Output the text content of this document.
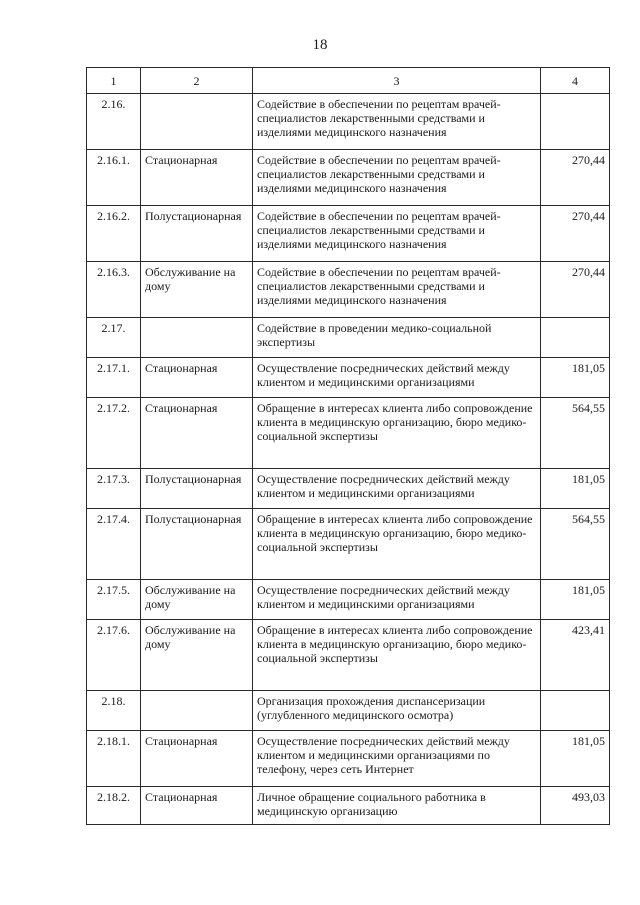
18
1	2	3	4
2.16.		Содействие в обеспечении по рецептам врачей-специалистов лекарственными средствами и изделиями медицинского назначения	
2.16.1.	Стационарная	Содействие в обеспечении по рецептам врачей-специалистов лекарственными средствами и изделиями медицинского назначения	270,44
2.16.2.	Полустационарная	Содействие в обеспечении по рецептам врачей-специалистов лекарственными средствами и изделиями медицинского назначения	270,44
2.16.3.	Обслуживание на дому	Содействие в обеспечении по рецептам врачей-специалистов лекарственными средствами и изделиями медицинского назначения	270,44
2.17.		Содействие в проведении медико-социальной экспертизы	
2.17.1.	Стационарная	Осуществление посреднических действий между клиентом и медицинскими организациями	181,05
2.17.2.	Стационарная	Обращение в интересах клиента либо сопровождение клиента в медицинскую организацию, бюро медико-социальной экспертизы	564,55
2.17.3.	Полустационарная	Осуществление посреднических действий между клиентом и медицинскими организациями	181,05
2.17.4.	Полустационарная	Обращение в интересах клиента либо сопровождение клиента в медицинскую организацию, бюро медико-социальной экспертизы	564,55
2.17.5.	Обслуживание на дому	Осуществление посреднических действий между клиентом и медицинскими организациями	181,05
2.17.6.	Обслуживание на дому	Обращение в интересах клиента либо сопровождение клиента в медицинскую организацию, бюро медико-социальной экспертизы	423,41
2.18.		Организация прохождения диспансеризации (углубленного медицинского осмотра)	
2.18.1.	Стационарная	Осуществление посреднических действий между клиентом и медицинскими организациями по телефону, через сеть Интернет	181,05
2.18.2.	Стационарная	Личное обращение социального работника в медицинскую организацию	493,03
